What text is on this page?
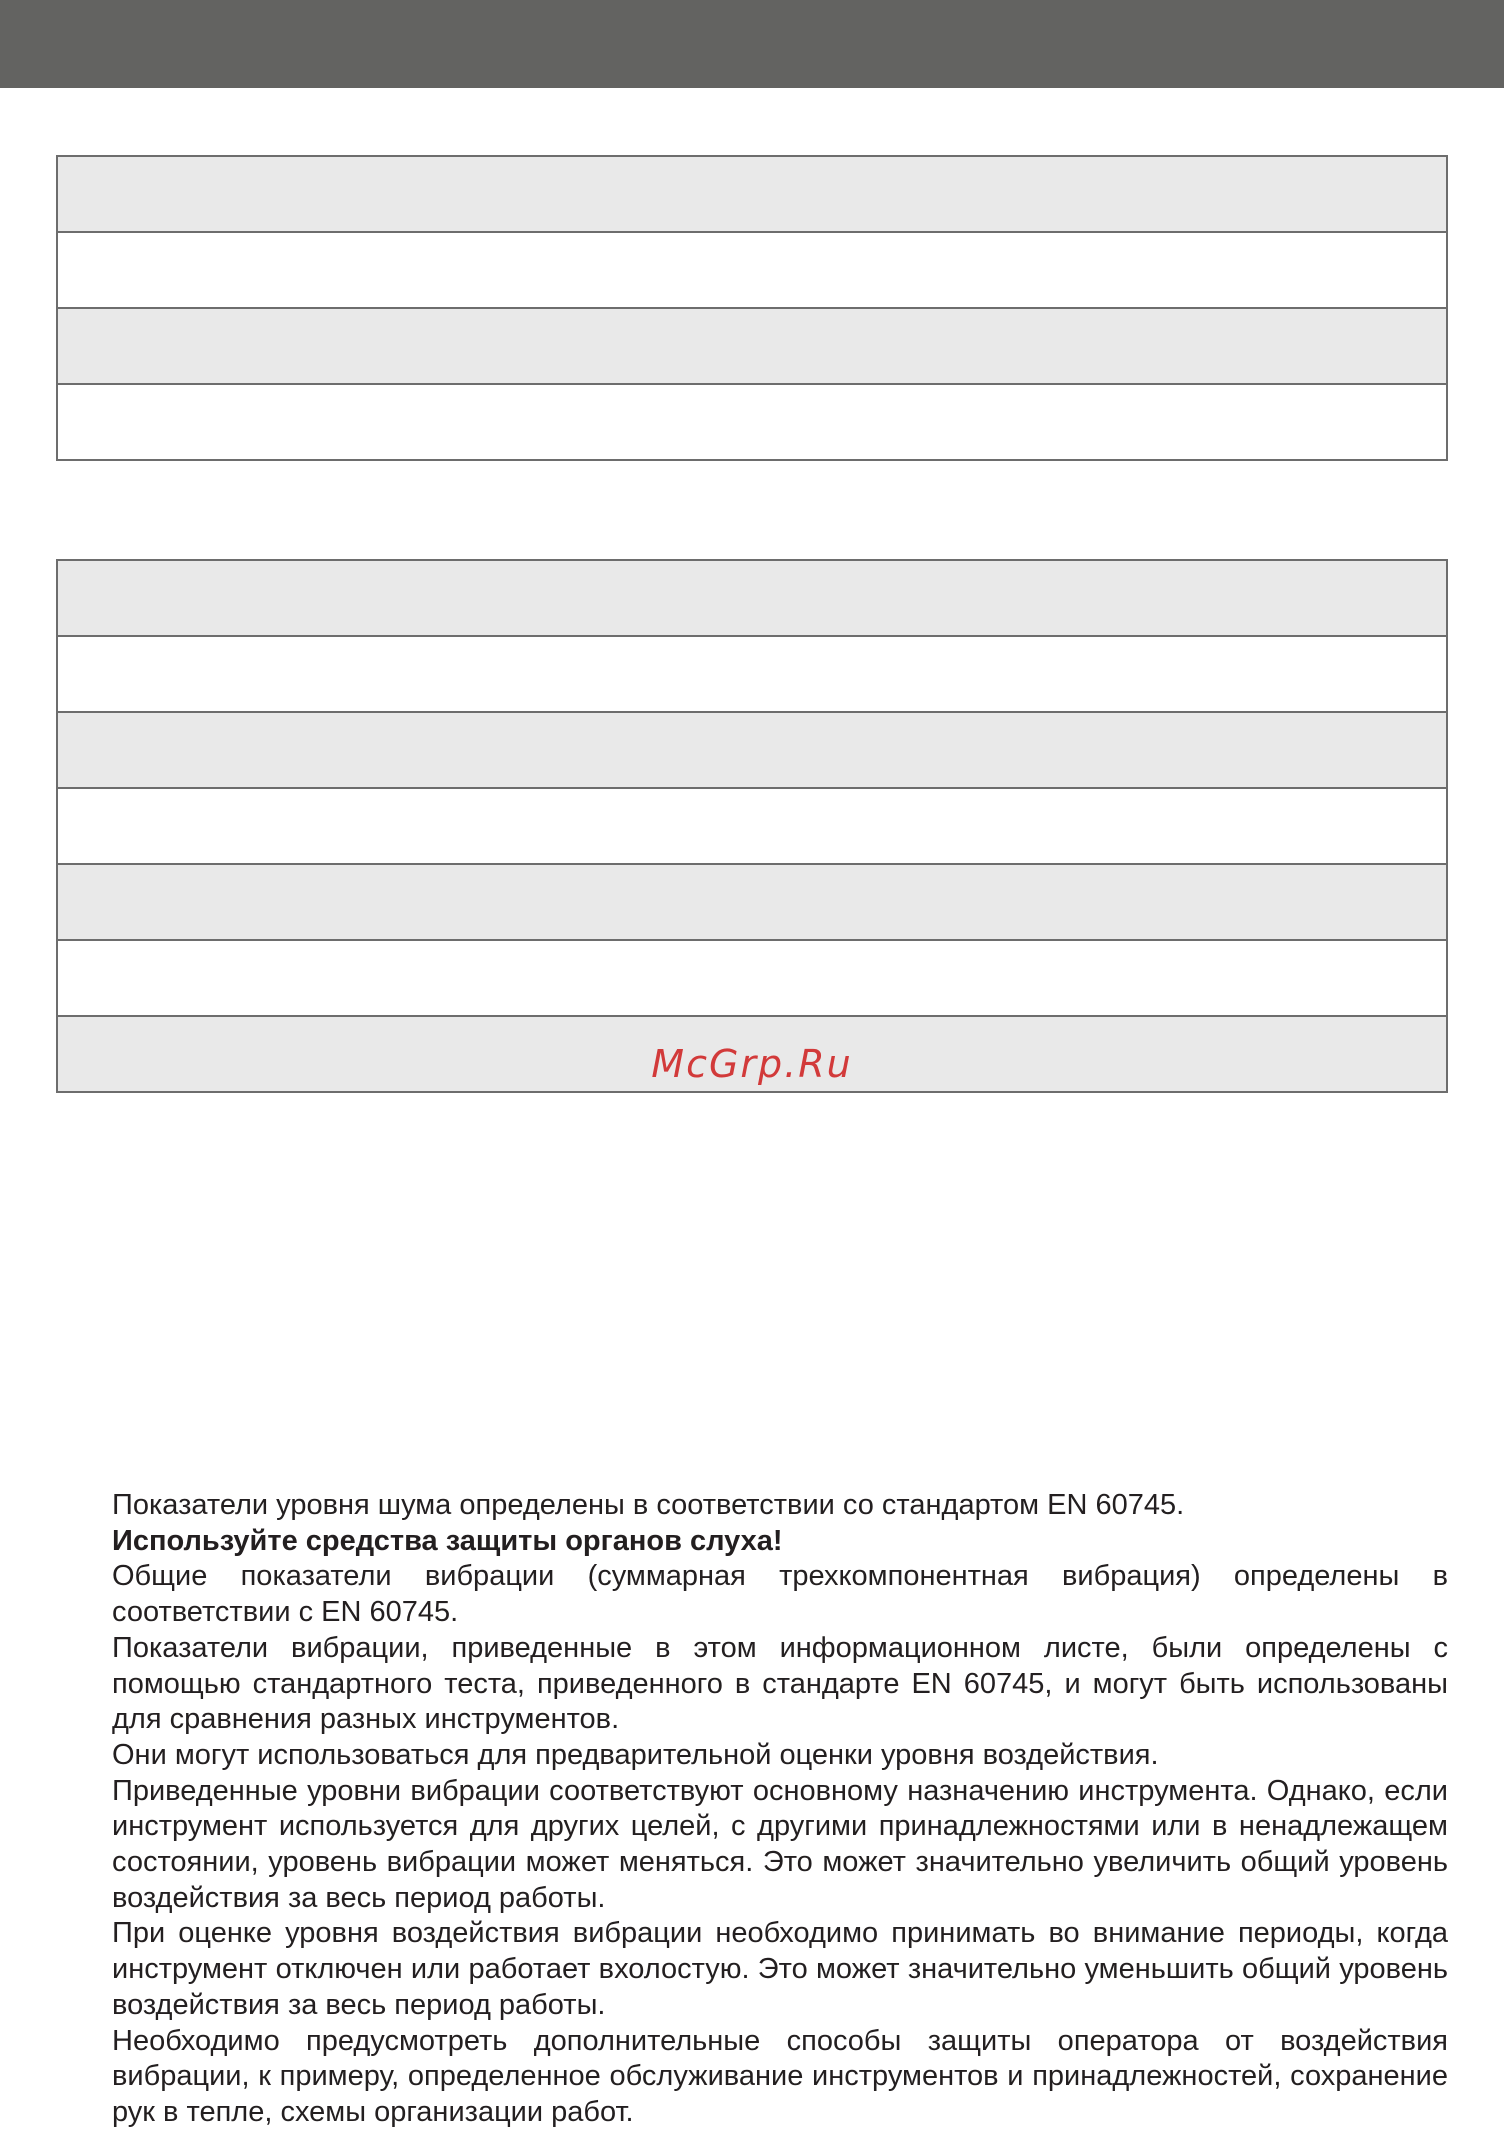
McGrp.Ru

Показатели уровня шума определены в соответствии со стандартом EN 60745.

Используйте средства защиты органов слуха!

Общие показатели вибрации (суммарная трехкомпонентная вибрация) определены в соответствии с EN 60745.

Показатели вибрации, приведенные в этом информационном листе, были определены с помощью стандартного теста, приведенного в стандарте EN 60745, и могут быть использованы для сравнения разных инструментов.

Они могут использоваться для предварительной оценки уровня воздействия.

Приведенные уровни вибрации соответствуют основному назначению инструмента. Однако, если инструмент используется для других целей, с другими принадлежностями или в ненадлежащем состоянии, уровень вибрации может меняться. Это может значительно увеличить общий уровень воздействия за весь период работы.

При оценке уровня воздействия вибрации необходимо принимать во внимание периоды, когда инструмент отключен или работает вхолостую. Это может значительно уменьшить общий уровень воздействия за весь период работы.

Необходимо предусмотреть дополнительные способы защиты оператора от воздействия вибрации, к примеру, определенное обслуживание инструментов и принадлежностей, сохранение рук в тепле, схемы организации работ.
